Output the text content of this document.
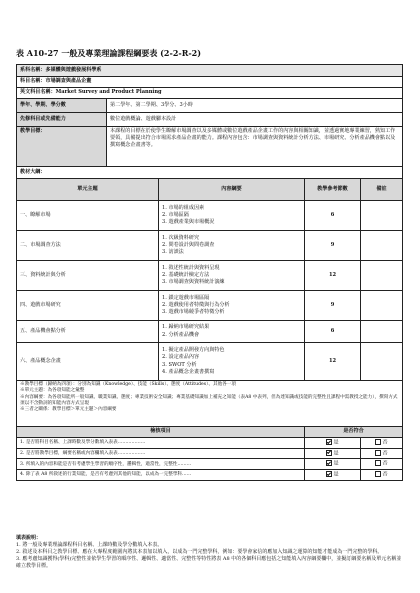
表 A10-27 一般及專業理論課程綱要表 (2-2-R-2)
系科名稱：多媒體與遊戲發展科學系				
科目名稱：市場調查與產品企畫				
英文科目名稱：Market Survey and Product Planning				
學年、學期、學分數	第二學年、第二學期、3學分、3小時			
先修科目或先備能力	數位遊戲概論、遊戲腳本設計			
教學目標：	本課程的目標在於使學生瞭解市場調查以及多媒體或數位遊戲產品企畫工作的內容與相關知識，並透過實地專業練習，熟知工作要領，具備提出符合市場需求產品企畫的能力。課程內容包含：市場調查與資料統計分析方法、市場研究、分析產品機會點以及撰寫概念企畫書等。			
教材大綱：				
單元主題		內容綱要	教學參考節數	備註
一、瞭解市場		1. 市場的組成因素

2. 市場區隔

3. 遊戲產業與市場概況	6	
二、市場調查方法		1. 次級資料研究

2. 問卷設計與問卷調查

3. 訪談法	9	
三、資料統計與分析		1. 敘述性統計與資料呈現

2. 基礎統計檢定方法

3. 市場調查與資料統計演練	12	
四、遊戲市場研究		1. 鎖定遊戲市場區隔

2. 遊戲使用者特徵與行為分析

3. 遊戲市場競爭者特徵分析	9	
五、產品機會點分析		1. 歸納市場研究結果

2. 分析產品機會	6	
六、產品概念企畫		1. 擬定產品開發方向與特色

2. 設定產品內容

3. SWOT 分析

4. 產品概念企畫書撰寫	12	

※教學目標（歸納為四項）：分別為知識（Knowledge）、技能（Skills）、態度（Attitudes）、其他各一項
※單元主題：為各項知能之彙整
※內容綱要：為各項知能所一般知識、職業知識、態度；專業技術安全知識；專業基礎知識加上補充之知能（表A8 中表列，但為達知識或技能的完整性且課程中需教授之能力），撰寫方式須以不含動詞的知能內容方式呈現
※三者之關係：教學目標＞單元主題＞內容綱要				

檢核項目			是否符合	
1. 是否將科目名稱、上課時數及學分數填入表表………………			是	否
2. 是否將教學目標，綱要名稱或內容欄填入表表………………			是	否
3. 所填入的內容和能是否有考慮學生學習的順序性，邏輯性，適當性，完整性………			是	否
4. 除了表 A8 所敘述的行業知能，是否有考慮到其他的知能，以成為一完整學科……			是	否

填表說明：

1. 將一般及專業理論課程科目名稱、上課時數及學分數填入本表。

2. 敘述及本科目之教學目標、應在大專程度範圍內將其本表加以填入，以成為一門完整學科，例如：要學會家信的應加入知識之運算的知能才能成為一門完整的學科。

3. 應考慮知識獲得(學科)完整性並依學生學習的順序性、邏輯性、適當性、完整性等特性將表 A8 中的各個科目應包括之知能填入內容綱要欄中，並擬訂綱要名稱及單元名稱並確立教學目標。
